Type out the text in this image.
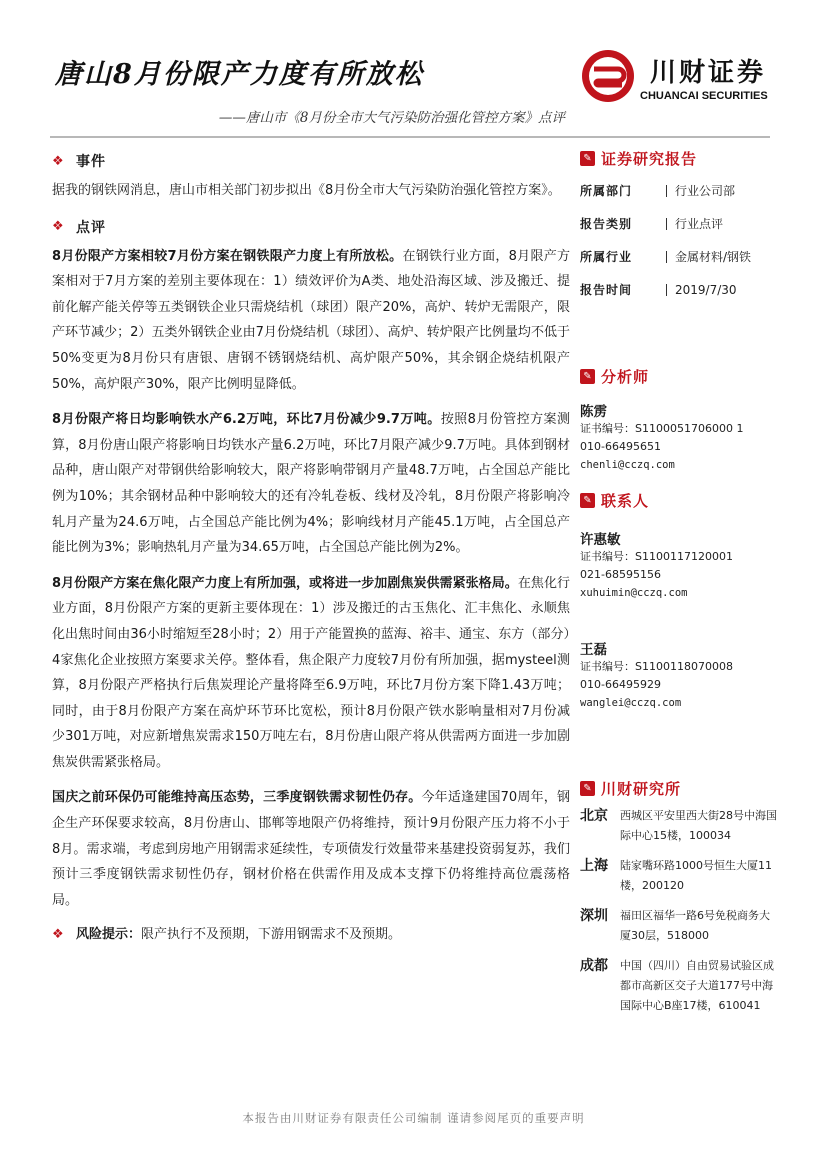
唐山8月份限产力度有所放松
——唐山市《8月份全市大气污染防治强化管控方案》点评
川财证券
CHUANCAI SECURITIES
❖ 事件

据我的钢铁网消息，唐山市相关部门初步拟出《8月份全市大气污染防治强化管控方案》。

❖ 点评

8月份限产方案相较7月份方案在钢铁限产力度上有所放松。在钢铁行业方面，8月限产方案相对于7月方案的差别主要体现在：1）绩效评价为A类、地处沿海区域、涉及搬迁、提前化解产能关停等五类钢铁企业只需烧结机（球团）限产20%，高炉、转炉无需限产，限产环节减少；2）五类外钢铁企业由7月份烧结机（球团）、高炉、转炉限产比例量均不低于50%变更为8月份只有唐银、唐钢不锈钢烧结机、高炉限产50%，其余钢企烧结机限产50%，高炉限产30%，限产比例明显降低。

8月份限产将日均影响铁水产6.2万吨，环比7月份减少9.7万吨。按照8月份管控方案测算，8月份唐山限产将影响日均铁水产量6.2万吨，环比7月限产减少9.7万吨。具体到钢材品种，唐山限产对带钢供给影响较大，限产将影响带钢月产量48.7万吨，占全国总产能比例为10%；其余钢材品种中影响较大的还有冷轧卷板、线材及冷轧，8月份限产将影响冷轧月产量为24.6万吨，占全国总产能比例为4%；影响线材月产能45.1万吨，占全国总产能比例为3%；影响热轧月产量为34.65万吨，占全国总产能比例为2%。

8月份限产方案在焦化限产力度上有所加强，或将进一步加剧焦炭供需紧张格局。在焦化行业方面，8月份限产方案的更新主要体现在：1）涉及搬迁的古玉焦化、汇丰焦化、永顺焦化出焦时间由36小时缩短至28小时；2）用于产能置换的蓝海、裕丰、通宝、东方（部分）4家焦化企业按照方案要求关停。整体看，焦企限产力度较7月份有所加强，据mysteel测算，8月份限产严格执行后焦炭理论产量将降至6.9万吨，环比7月份方案下降1.43万吨；同时，由于8月份限产方案在高炉环节环比宽松，预计8月份限产铁水影响量相对7月份减少301万吨，对应新增焦炭需求150万吨左右，8月份唐山限产将从供需两方面进一步加剧焦炭供需紧张格局。

国庆之前环保仍可能维持高压态势，三季度钢铁需求韧性仍存。今年适逢建国70周年，钢企生产环保要求较高，8月份唐山、邯郸等地限产仍将维持，预计9月份限产压力将不小于8月。需求端，考虑到房地产用钢需求延续性，专项债发行效量带来基建投资弱复苏，我们预计三季度钢铁需求韧性仍存，钢材价格在供需作用及成本支撑下仍将维持高位震荡格局。

❖ 风险提示：限产执行不及预期，下游用钢需求不及预期。
✎ 证券研究报告
所属部门	行业公司部
报告类别	行业点评
所属行业	金属材料/钢铁
报告时间	2019/7/30
✎ 分析师
陈雳
证书编号：S1100051706000 1
010-66495651
chenli@cczq.com
✎ 联系人
许惠敏
证书编号：S1100117120001
021-68595156
xuhuimin@cczq.com
王磊
证书编号：S1100118070008
010-66495929
wanglei@cczq.com
✎ 川财研究所
北京	西城区平安里西大街28号中海国际中心15楼，100034
上海	陆家嘴环路1000号恒生大厦11楼，200120
深圳	福田区福华一路6号免税商务大厦30层，518000
成都	中国（四川）自由贸易试验区成都市高新区交子大道177号中海国际中心B座17楼，610041
本报告由川财证券有限责任公司编制 谨请参阅尾页的重要声明
